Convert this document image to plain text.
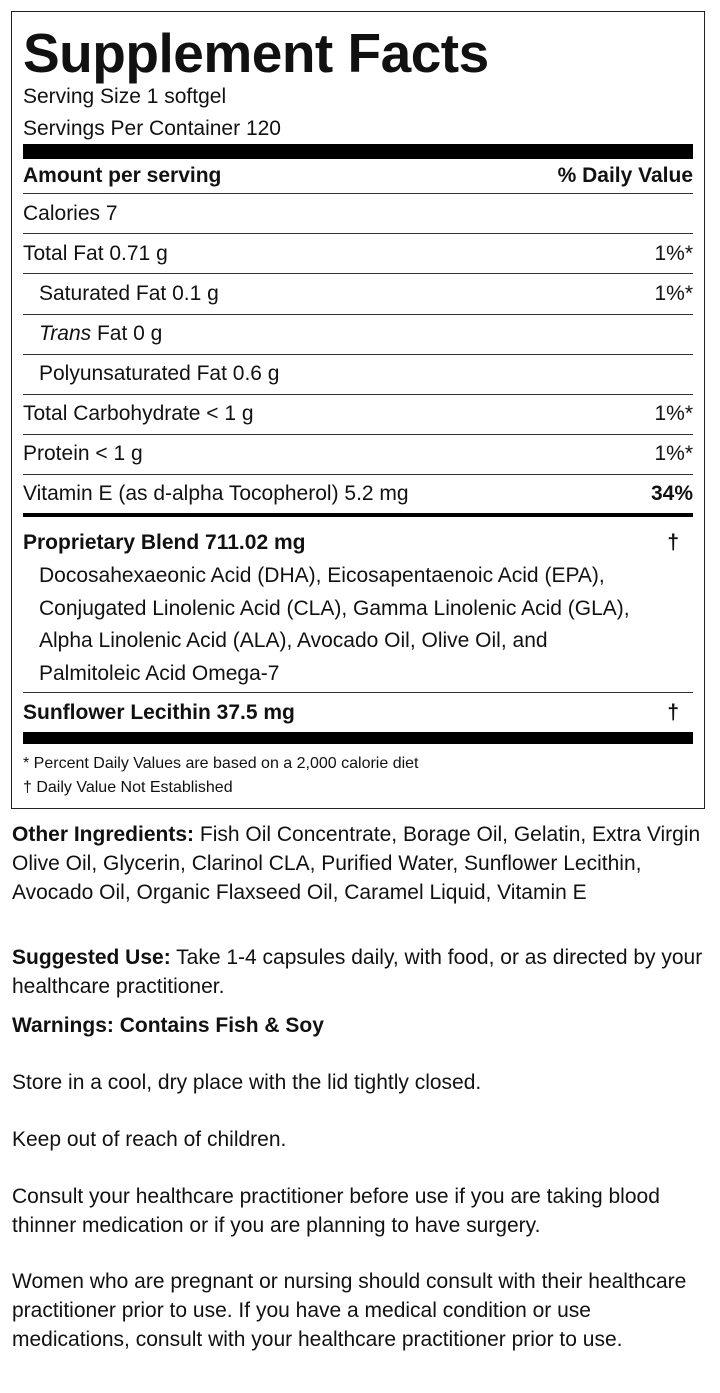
Supplement Facts
Serving Size 1 softgel
Servings Per Container 120
Amount per serving	% Daily Value
Calories 7
Total Fat 0.71 g	1%*
Saturated Fat 0.1 g	1%*
Trans Fat 0 g
Polyunsaturated Fat 0.6 g
Total Carbohydrate < 1 g	1%*
Protein < 1 g	1%*
Vitamin E (as d-alpha Tocopherol) 5.2 mg	34%
Proprietary Blend 711.02 mg	†
Docosahexaeonic Acid (DHA), Eicosapentaenoic Acid (EPA),
Conjugated Linolenic Acid (CLA), Gamma Linolenic Acid (GLA),
Alpha Linolenic Acid (ALA), Avocado Oil, Olive Oil, and
Palmitoleic Acid Omega-7
Sunflower Lecithin 37.5 mg	†
* Percent Daily Values are based on a 2,000 calorie diet
† Daily Value Not Established
Other Ingredients: Fish Oil Concentrate, Borage Oil, Gelatin, Extra Virgin Olive Oil, Glycerin, Clarinol CLA, Purified Water, Sunflower Lecithin, Avocado Oil, Organic Flaxseed Oil, Caramel Liquid, Vitamin E
Suggested Use: Take 1-4 capsules daily, with food, or as directed by your healthcare practitioner.
Warnings: Contains Fish & Soy
Store in a cool, dry place with the lid tightly closed.
Keep out of reach of children.
Consult your healthcare practitioner before use if you are taking blood thinner medication or if you are planning to have surgery.
Women who are pregnant or nursing should consult with their healthcare practitioner prior to use. If you have a medical condition or use medications, consult with your healthcare practitioner prior to use.
